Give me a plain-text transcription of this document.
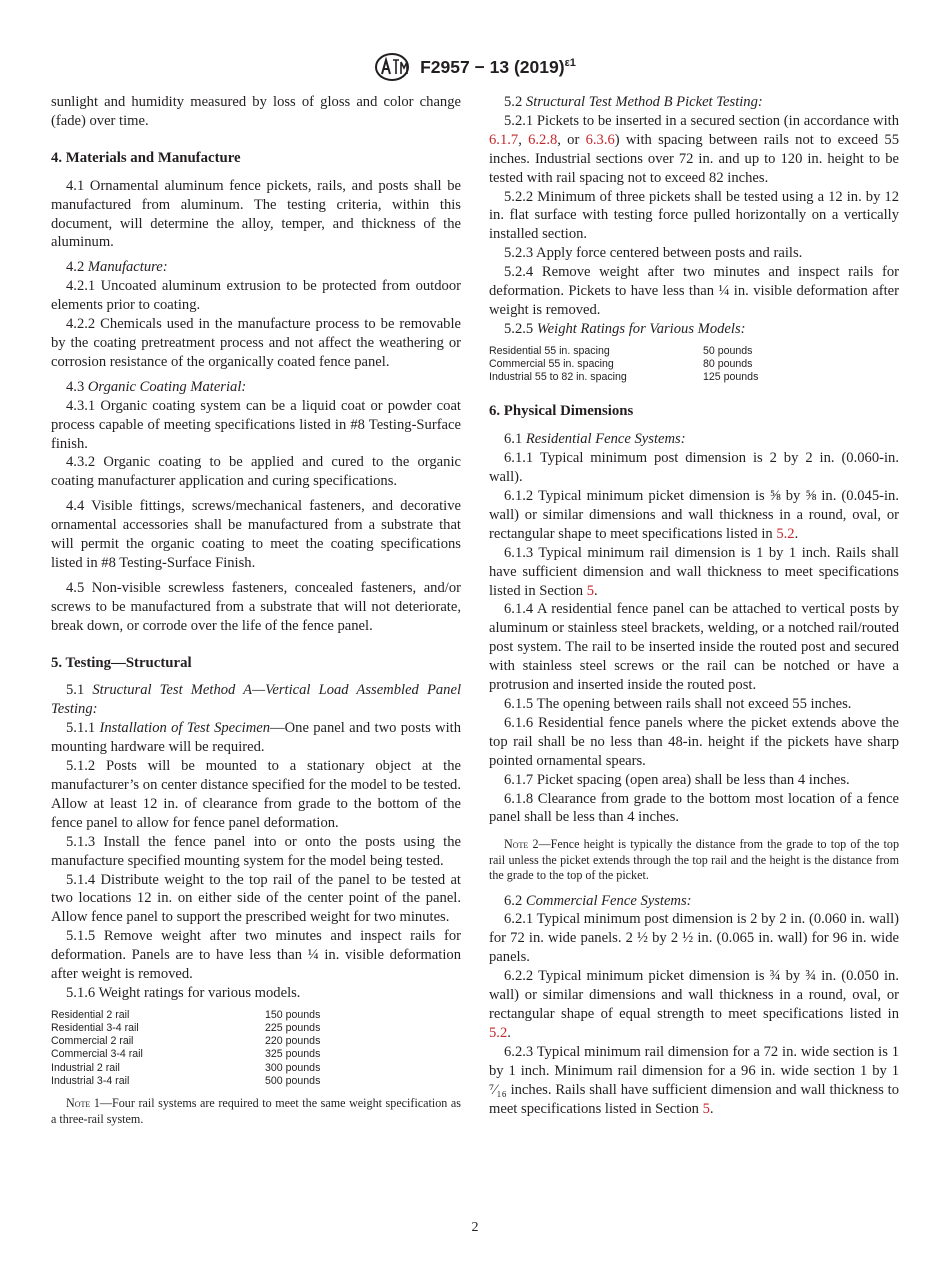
F2957 − 13 $(2019)^{\varepsilon 1}$

sunlight and humidity measured by loss of gloss and color change (fade) over time.

4. Materials and Manufacture

4.1 Ornamental aluminum fence pickets, rails, and posts shall be manufactured from aluminum. The testing criteria, within this document, will determine the alloy, temper, and thickness of the aluminum.

4.2 Manufacture:

4.2.1 Uncoated aluminum extrusion to be protected from outdoor elements prior to coating.

4.2.2 Chemicals used in the manufacture process to be removable by the coating pretreatment process and not affect the weathering or corrosion resistance of the organically coated fence panel.

4.3 Organic Coating Material:

4.3.1 Organic coating system can be a liquid coat or powder coat process capable of meeting specifications listed in #8 Testing-Surface finish.

4.3.2 Organic coating to be applied and cured to the organic coating manufacturer application and curing specifications.

4.4 Visible fittings, screws/mechanical fasteners, and decorative ornamental accessories shall be manufactured from a substrate that will permit the organic coating to meet the coating specifications listed in #8 Testing-Surface Finish.

4.5 Non-visible screwless fasteners, concealed fasteners, and/or screws to be manufactured from a substrate that will not deteriorate, break down, or corrode over the life of the fence panel.

5. Testing—Structural

5.1 Structural Test Method A—Vertical Load Assembled Panel Testing:

5.1.1 Installation of Test Specimen—One panel and two posts with mounting hardware will be required.

5.1.2 Posts will be mounted to a stationary object at the manufacturer’s on center distance specified for the model to be tested. Allow at least 12 in. of clearance from grade to the bottom of the fence panel to allow for fence panel deformation.

5.1.3 Install the fence panel into or onto the posts using the manufacture specified mounting system for the model being tested.

5.1.4 Distribute weight to the top rail of the panel to be tested at two locations 12 in. on either side of the center point of the panel. Allow fence panel to support the prescribed weight for two minutes.

5.1.5 Remove weight after two minutes and inspect rails for deformation. Panels are to have less than ¼ in. visible deformation after weight is removed.

5.1.6 Weight ratings for various models.

Residential 2 rail	150 pounds
Residential 3-4 rail	225 pounds
Commercial 2 rail	220 pounds
Commercial 3-4 rail	325 pounds
Industrial 2 rail	300 pounds
Industrial 3-4 rail	500 pounds

Note 1—Four rail systems are required to meet the same weight specification as a three-rail system.

5.2 Structural Test Method B Picket Testing:

5.2.1 Pickets to be inserted in a secured section (in accordance with 6.1.7, 6.2.8, or 6.3.6) with spacing between rails not to exceed 55 inches. Industrial sections over 72 in. and up to 120 in. height to be tested with rail spacing not to exceed 82 inches.

5.2.2 Minimum of three pickets shall be tested using a 12 in. by 12 in. flat surface with testing force pulled horizontally on a vertically installed section.

5.2.3 Apply force centered between posts and rails.

5.2.4 Remove weight after two minutes and inspect rails for deformation. Pickets to have less than ¼ in. visible deformation after weight is removed.

5.2.5 Weight Ratings for Various Models:

Residential 55 in. spacing	50 pounds
Commercial 55 in. spacing	80 pounds
Industrial 55 to 82 in. spacing	125 pounds
6. Physical Dimensions

6.1 Residential Fence Systems:

6.1.1 Typical minimum post dimension is 2 by 2 in. (0.060-in. wall).

6.1.2 Typical minimum picket dimension is ⅝ by ⅝ in. (0.045-in. wall) or similar dimensions and wall thickness in a round, oval, or rectangular shape to meet specifications listed in 5.2.

6.1.3 Typical minimum rail dimension is 1 by 1 inch. Rails shall have sufficient dimension and wall thickness to meet specifications listed in Section 5.

6.1.4 A residential fence panel can be attached to vertical posts by aluminum or stainless steel brackets, welding, or a notched rail/routed post system. The rail to be inserted inside the routed post and secured with stainless steel screws or the rail can be notched or have a protrusion and inserted inside the routed post.

6.1.5 The opening between rails shall not exceed 55 inches.

6.1.6 Residential fence panels where the picket extends above the top rail shall be no less than 48-in. height if the pickets have sharp pointed ornamental spears.

6.1.7 Picket spacing (open area) shall be less than 4 inches.

6.1.8 Clearance from grade to the bottom most location of a fence panel shall be less than 4 inches.

Note 2—Fence height is typically the distance from the grade to top of the top rail unless the picket extends through the top rail and the height is the distance from the grade to the top of the picket.

6.2 Commercial Fence Systems:

6.2.1 Typical minimum post dimension is 2 by 2 in. (0.060 in. wall) for 72 in. wide panels. 2 ½ by 2 ½ in. (0.065 in. wall) for 96 in. wide panels.

6.2.2 Typical minimum picket dimension is ¾ by ¾ in. (0.050 in. wall) or similar dimensions and wall thickness in a round, oval, or rectangular shape of equal strength to meet specifications listed in 5.2.

6.2.3 Typical minimum rail dimension for a 72 in. wide section is 1 by 1 inch. Minimum rail dimension for a 96 in. wide section 1 by 1 ⁷⁄₁₆ inches. Rails shall have sufficient dimension and wall thickness to meet specifications listed in Section 5.

2
